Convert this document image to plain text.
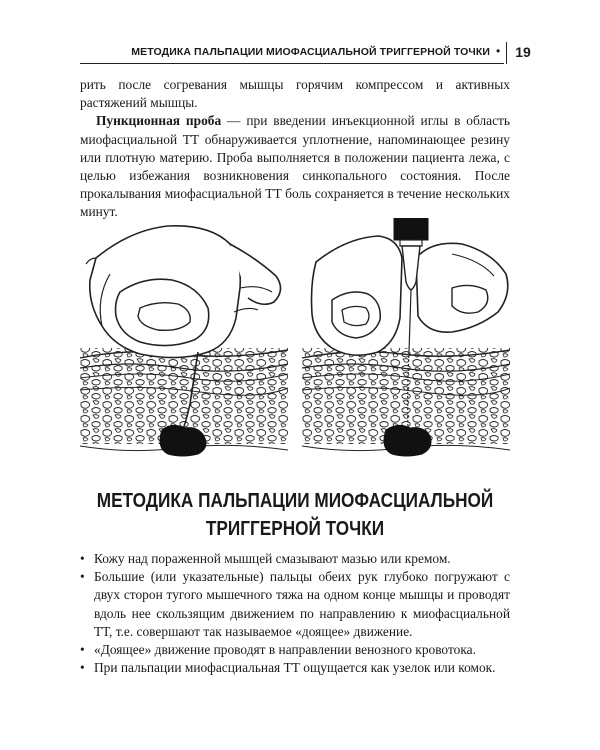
МЕТОДИКА ПАЛЬПАЦИИ МИОФАСЦИАЛЬНОЙ ТРИГГЕРНОЙ ТОЧКИ •	19

рить после согревания мышцы горячим компрессом и активных растяжений мышцы.

Пункционная проба — при введении инъекционной иглы в область миофасциальной ТТ обнаруживается уплотнение, напоминающее резину или плотную материю. Проба выполняется в положении пациента лежа, с целью избежания возникновения синкопального состояния. После прокалывания миофасциальной ТТ боль сохраняется в течение нескольких минут.

МЕТОДИКА ПАЛЬПАЦИИ МИОФАСЦИАЛЬНОЙ
ТРИГГЕРНОЙ ТОЧКИ
• Кожу над пораженной мышцей смазывают мазью или кремом.
• Большие (или указательные) пальцы обеих рук глубоко погружают с двух сторон тугого мышечного тяжа на одном конце мышцы и проводят вдоль нее скользящим движением по направлению к миофасциальной ТТ, т.е. совершают так называемое «доящее» движение.
• «Доящее» движение проводят в направлении венозного кровотока.
• При пальпации миофасциальная ТТ ощущается как узелок или комок.
